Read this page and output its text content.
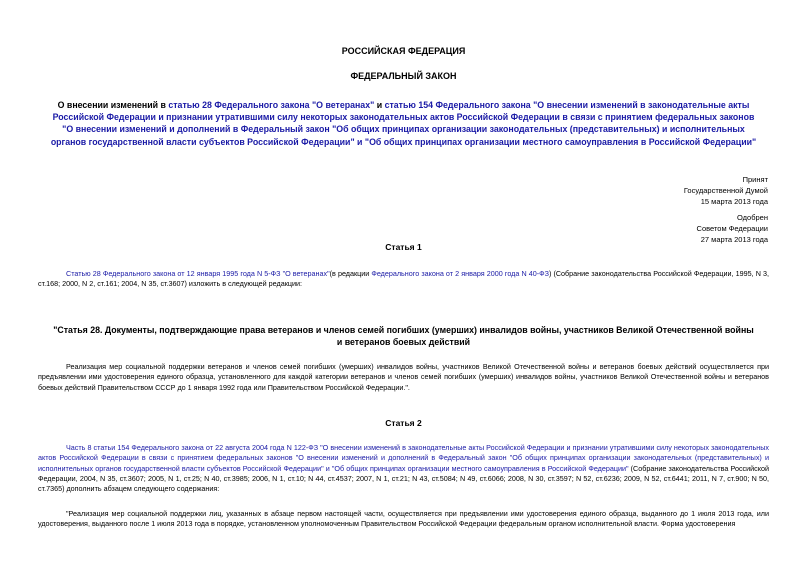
РОССИЙСКАЯ ФЕДЕРАЦИЯ
ФЕДЕРАЛЬНЫЙ ЗАКОН
О внесении изменений в статью 28 Федерального закона "О ветеранах" и статью 154 Федерального закона "О внесении изменений в законодательные акты Российской Федерации и признании утратившими силу некоторых законодательных актов Российской Федерации в связи с принятием федеральных законов "О внесении изменений и дополнений в Федеральный закон "Об общих принципах организации законодательных (представительных) и исполнительных органов государственной власти субъектов Российской Федерации" и "Об общих принципах организации местного самоуправления в Российской Федерации"
Принят
Государственной Думой
15 марта 2013 года
Одобрен
Советом Федерации
27 марта 2013 года
Статья 1
Статью 28 Федерального закона от 12 января 1995 года N 5-ФЗ "О ветеранах"(в редакции Федерального закона от 2 января 2000 года N 40-ФЗ) (Собрание законодательства Российской Федерации, 1995, N 3, ст.168; 2000, N 2, ст.161; 2004, N 35, ст.3607) изложить в следующей редакции:
"Статья 28. Документы, подтверждающие права ветеранов и членов семей погибших (умерших) инвалидов войны, участников Великой Отечественной войны и ветеранов боевых действий
Реализация мер социальной поддержки ветеранов и членов семей погибших (умерших) инвалидов войны, участников Великой Отечественной войны и ветеранов боевых действий осуществляется при предъявлении ими удостоверения единого образца, установленного для каждой категории ветеранов и членов семей погибших (умерших) инвалидов войны, участников Великой Отечественной войны и ветеранов боевых действий Правительством СССР до 1 января 1992 года или Правительством Российской Федерации.".
Статья 2
Часть 8 статьи 154 Федерального закона от 22 августа 2004 года N 122-ФЗ "О внесении изменений в законодательные акты Российской Федерации и признании утратившими силу некоторых законодательных актов Российской Федерации в связи с принятием федеральных законов "О внесении изменений и дополнений в Федеральный закон "Об общих принципах организации законодательных (представительных) и исполнительных органов государственной власти субъектов Российской Федерации" и "Об общих принципах организации местного самоуправления в Российской Федерации" (Собрание законодательства Российской Федерации, 2004, N 35, ст.3607; 2005, N 1, ст.25; N 40, ст.3985; 2006, N 1, ст.10; N 44, ст.4537; 2007, N 1, ст.21; N 43, ст.5084; N 49, ст.6066; 2008, N 30, ст.3597; N 52, ст.6236; 2009, N 52, ст.6441; 2011, N 7, ст.900; N 50, ст.7365) дополнить абзацем следующего содержания:
"Реализация мер социальной поддержки лиц, указанных в абзаце первом настоящей части, осуществляется при предъявлении ими удостоверения единого образца, выданного до 1 июля 2013 года, или удостоверения, выданного после 1 июля 2013 года в порядке, установленном уполномоченным Правительством Российской Федерации федеральным органом исполнительной власти. Форма удостоверения
